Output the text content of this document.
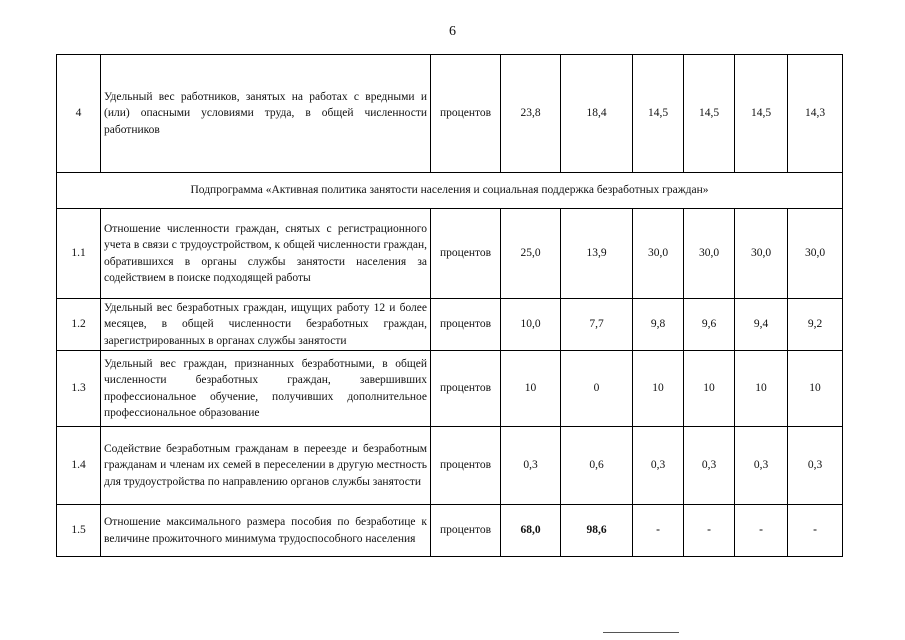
6
4	Удельный вес работников, занятых на работах с вредными и (или) опасными условиями труда, в общей численности работников	процентов	23,8	18,4	14,5	14,5	14,5	14,3
Подпрограмма «Активная политика занятости населения и социальная поддержка безработных граждан»								
1.1	Отношение численности граждан, снятых с регистрационного учета в связи с трудоустройством, к общей численности граждан, обратившихся в органы службы занятости населения за содействием в поиске подходящей работы	процентов	25,0	13,9	30,0	30,0	30,0	30,0
1.2	Удельный вес безработных граждан, ищущих работу 12 и более месяцев, в общей численности безработных граждан, зарегистрированных в органах службы занятости	процентов	10,0	7,7	9,8	9,6	9,4	9,2
1.3	Удельный вес граждан, признанных безработными, в общей численности безработных граждан, завершивших профессиональное обучение, получивших дополнительное профессиональное образование	процентов	10	0	10	10	10	10
1.4	Содействие безработным гражданам в переезде и безработным гражданам и членам их семей в переселении в другую местность для трудоустройства по направлению органов службы занятости	процентов	0,3	0,6	0,3	0,3	0,3	0,3
1.5	Отношение максимального размера пособия по безработице к величине прожиточного минимума трудоспособного населения	процентов	68,0	98,6	-	-	-	-
